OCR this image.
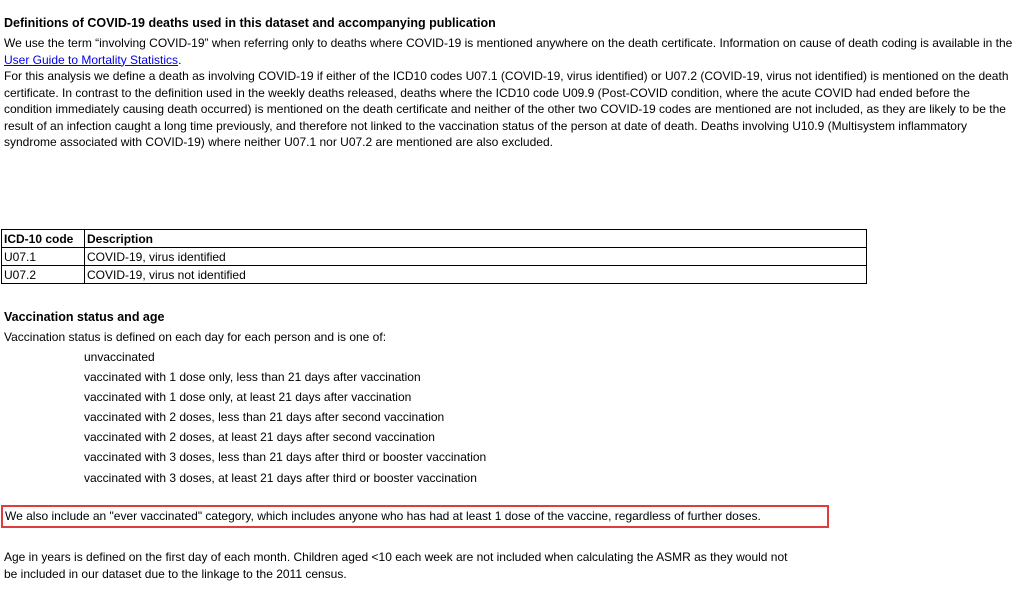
Definitions of COVID-19 deaths used in this dataset and accompanying publication

We use the term “involving COVID-19” when referring only to deaths where COVID-19 is mentioned anywhere on the death certificate. Information on cause of death coding is available in the User Guide to Mortality Statistics.

For this analysis we define a death as involving COVID-19 if either of the ICD10 codes U07.1 (COVID-19, virus identified) or U07.2 (COVID-19, virus not identified) is mentioned on the death certificate. In contrast to the definition used in the weekly deaths released, deaths where the ICD10 code U09.9 (Post-COVID condition, where the acute COVID had ended before the condition immediately causing death occurred) is mentioned on the death certificate and neither of the other two COVID-19 codes are mentioned are not included, as they are likely to be the result of an infection caught a long time previously, and therefore not linked to the vaccination status of the person at date of death. Deaths involving U10.9 (Multisystem inflammatory syndrome associated with COVID-19) where neither U07.1 nor U07.2 are mentioned are also excluded.

ICD-10 code	Description
U07.1	COVID-19, virus identified
U07.2	COVID-19, virus not identified
Vaccination status and age
Vaccination status is defined on each day for each person and is one of:
unvaccinated
vaccinated with 1 dose only, less than 21 days after vaccination
vaccinated with 1 dose only, at least 21 days after vaccination
vaccinated with 2 doses, less than 21 days after second vaccination
vaccinated with 2 doses, at least 21 days after second vaccination
vaccinated with 3 doses, less than 21 days after third or booster vaccination
vaccinated with 3 doses, at least 21 days after third or booster vaccination
We also include an "ever vaccinated" category, which includes anyone who has had at least 1 dose of the vaccine, regardless of further doses.
Age in years is defined on the first day of each month. Children aged <10 each week are not included when calculating the ASMR as they would not
be included in our dataset due to the linkage to the 2011 census.
